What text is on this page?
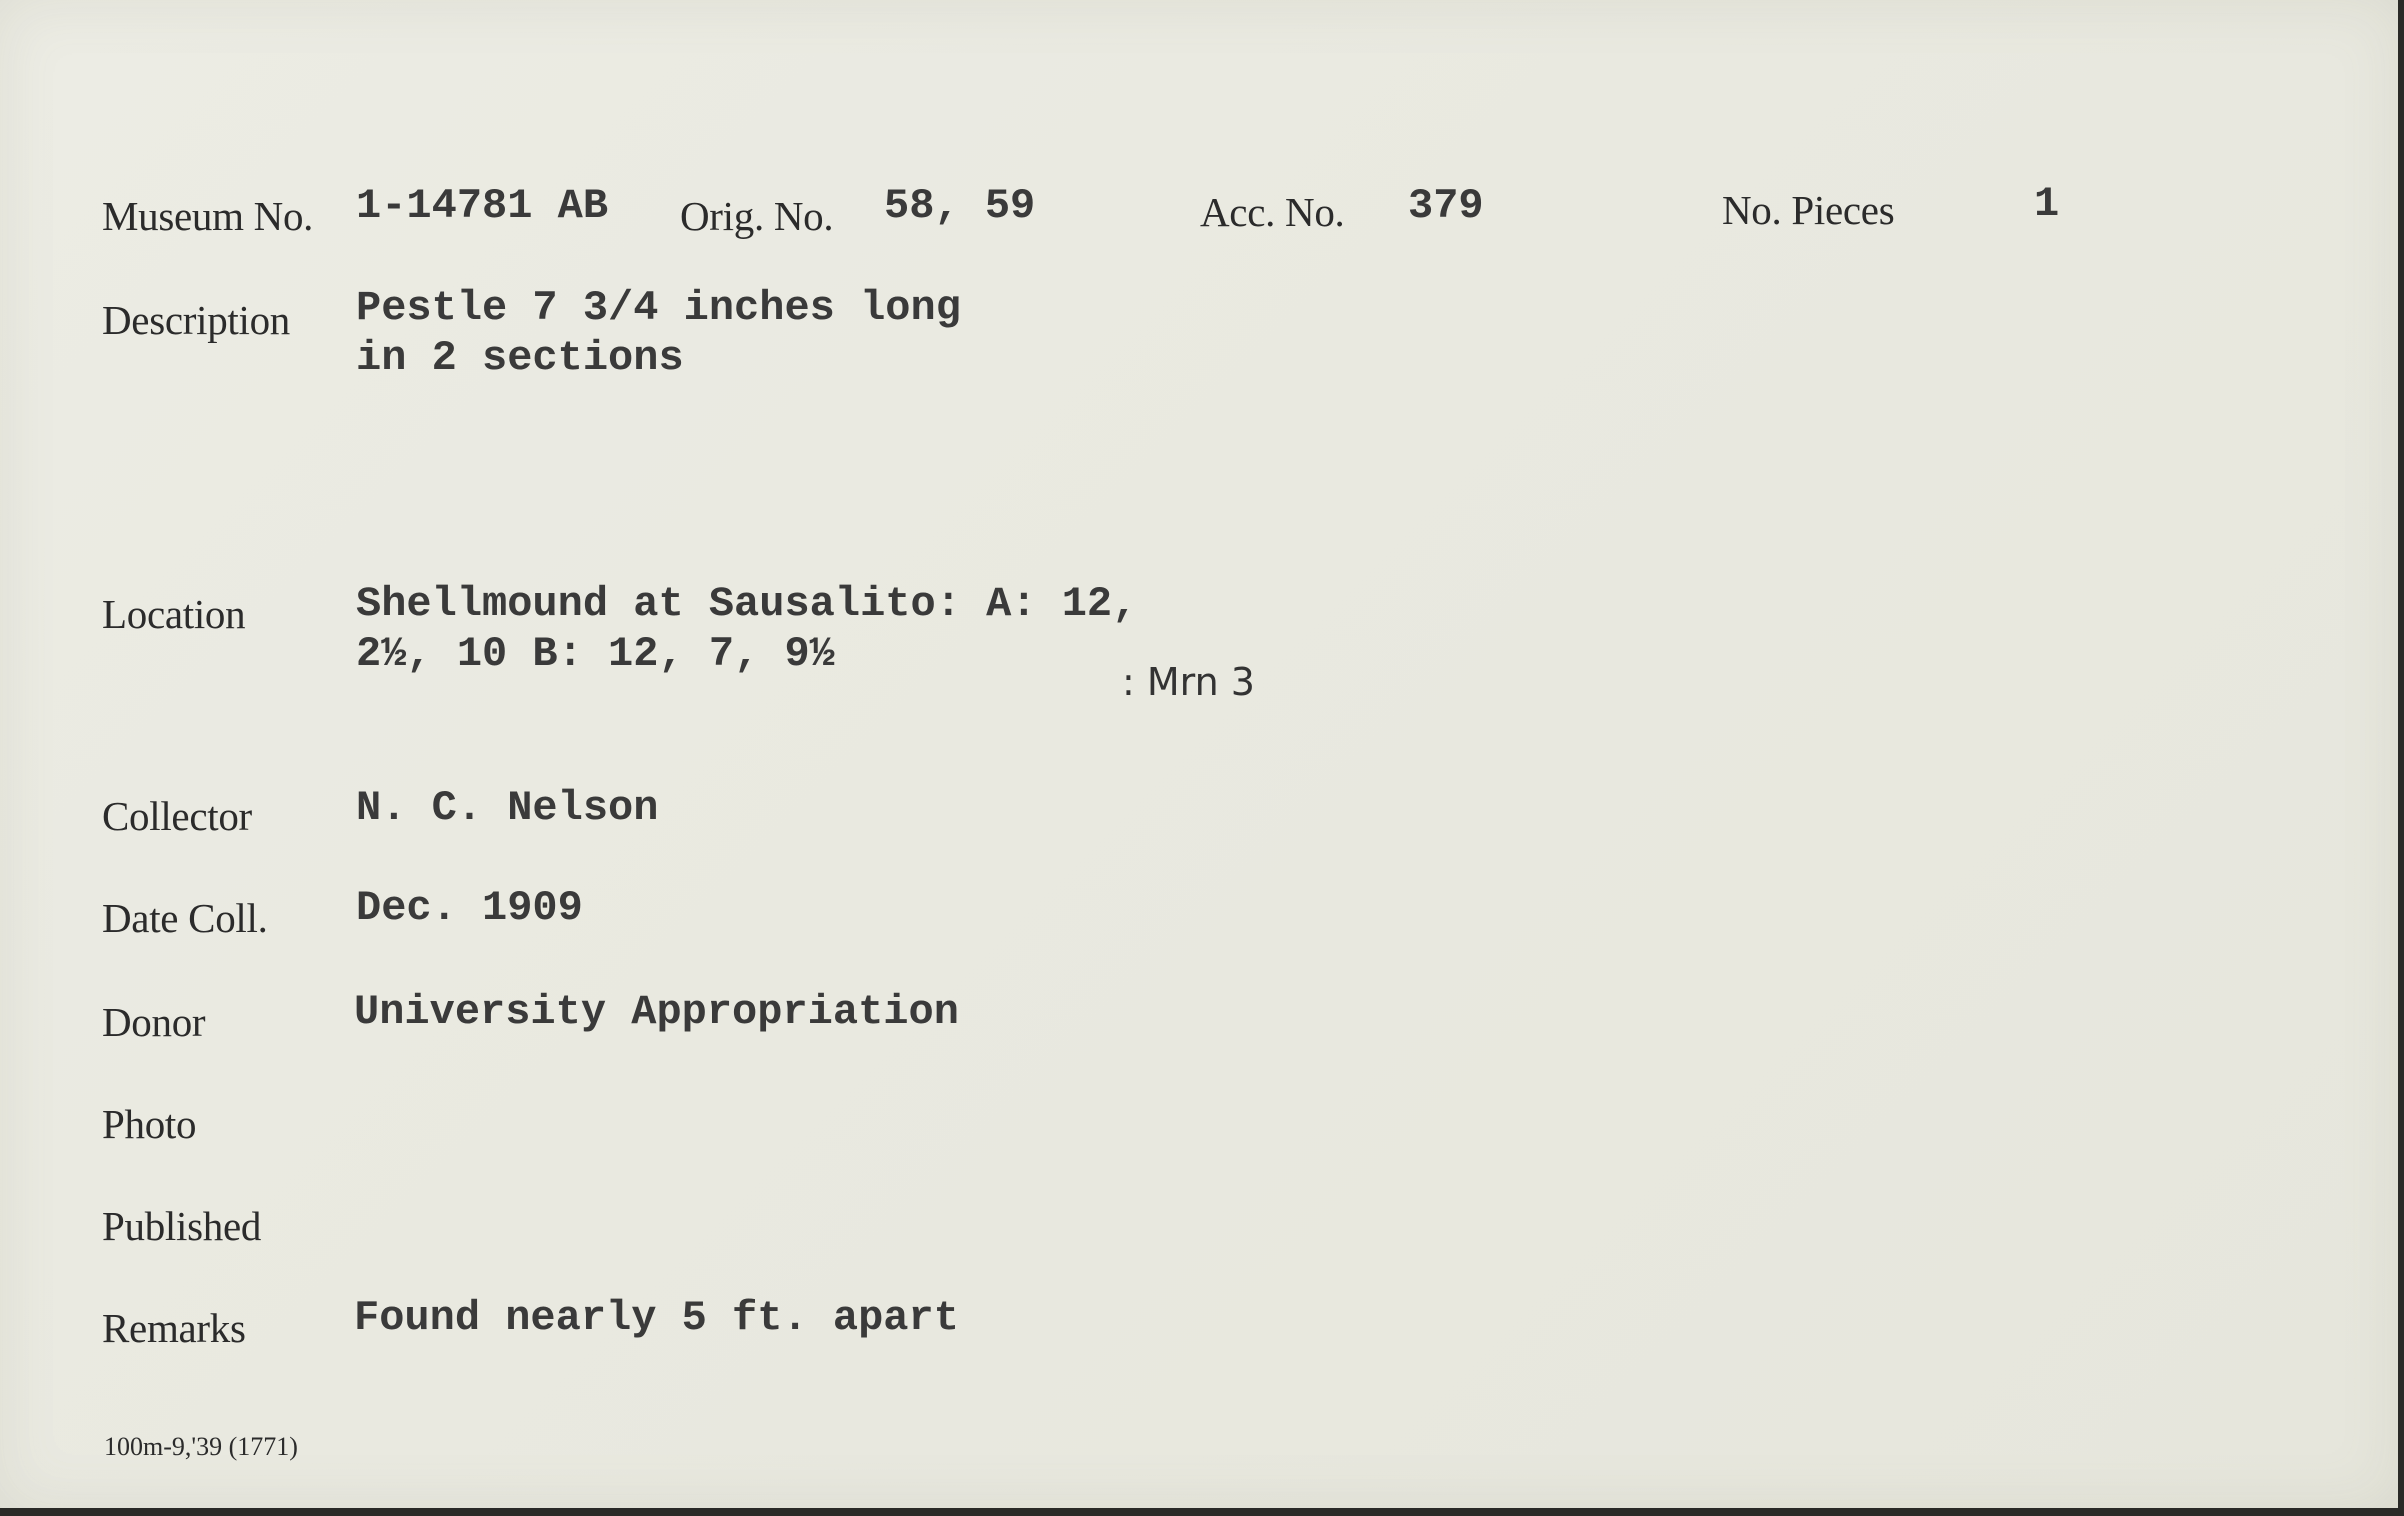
Museum No. 1-14781 AB Orig. No. 58, 59	Acc. No. 379	No. Pieces	1
Description Pestle 7 3/4 inches long
in 2 sections
Location	Shellmound at Sausalito: A: 12,
2½, 10 B: 12, 7, 9½
: Mrn 3
Collector N. C. Nelson
Date Coll. Dec. 1909
Donor	University Appropriation
Photo
Published
Remarks	Found nearly 5 ft. apart
100m-9,'39 (1771)
